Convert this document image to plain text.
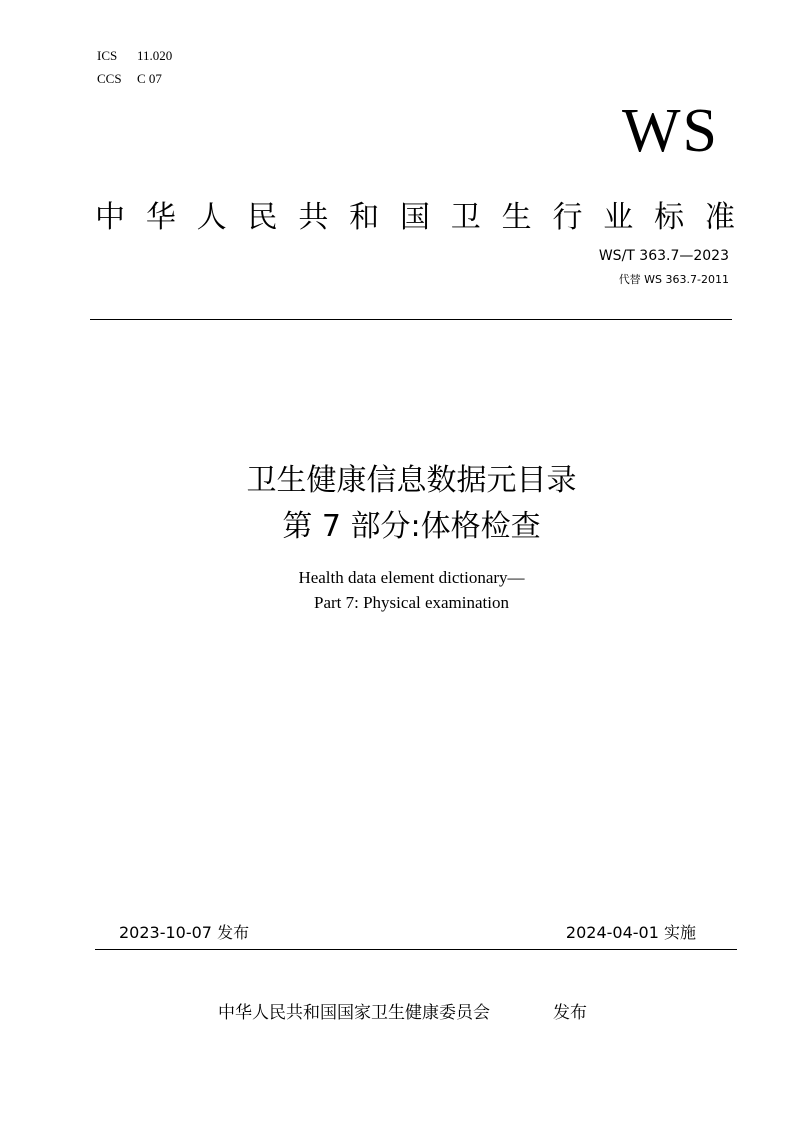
ICS 11.020
CCS C 07
WS
中 华 人 民 共 和 国 卫 生 行 业 标 准
WS/T 363.7—2023
代替 WS 363.7-2011
卫生健康信息数据元目录
第 7 部分:体格检查
Health data element dictionary—
Part 7: Physical examination
2023-10-07 发布	2024-04-01 实施
中华人民共和国国家卫生健康委员会	发布
